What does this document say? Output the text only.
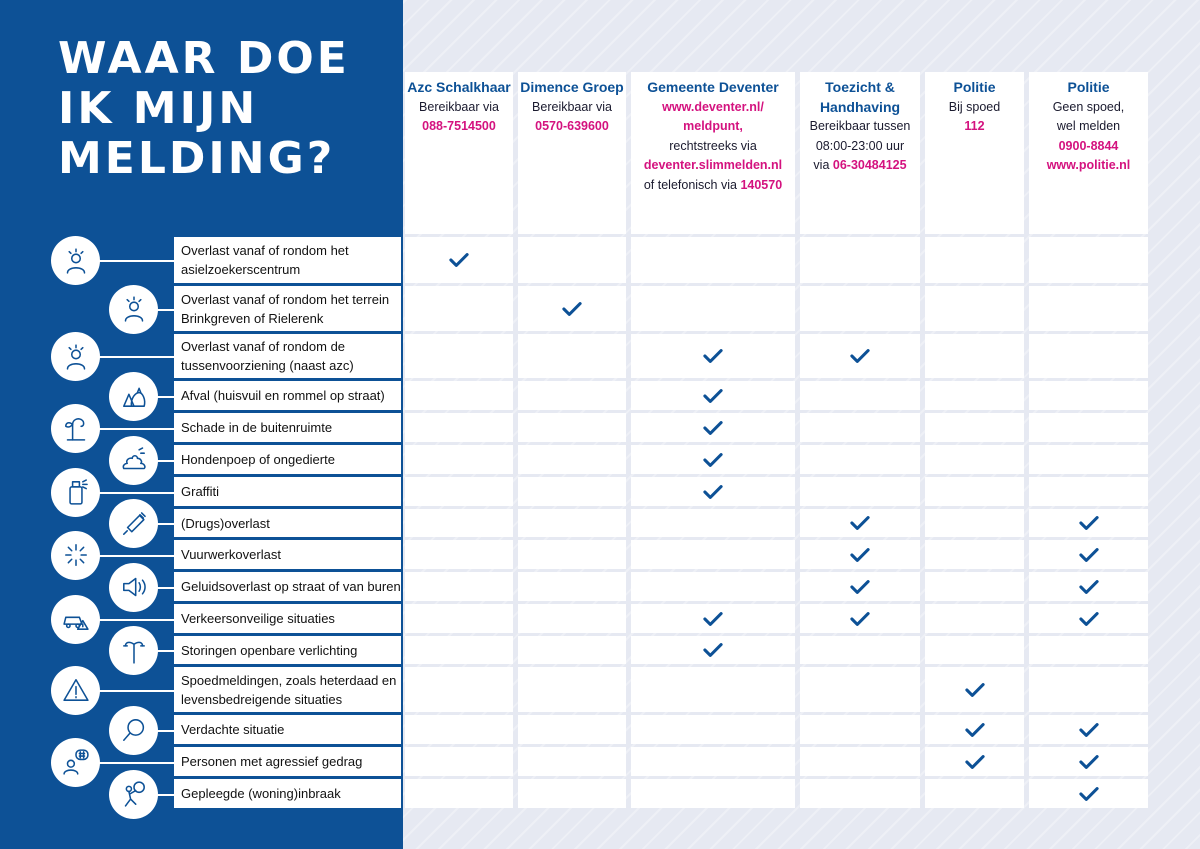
WAAR DOE
IK MIJN
MELDING?
Azc Schalkhaar
Bereikbaar via
088-7514500
Dimence Groep
Bereikbaar via
0570-639600
Gemeente Deventer
www.deventer.nl/
meldpunt,
rechtstreeks via
deventer.slimmelden.nl
of telefonisch via 140570
Toezicht & Handhaving
Bereikbaar tussen
08:00-23:00 uur
via 06-30484125
Politie
Bij spoed
112
Politie
Geen spoed,
wel melden
0900-8844
www.politie.nl
Overlast vanaf of rondom het asielzoekerscentrum
Overlast vanaf of rondom het terrein Brinkgreven of Rielerenk
Overlast vanaf of rondom de tussenvoorziening (naast azc)
Afval (huisvuil en rommel op straat)
Schade in de buitenruimte
Hondenpoep of ongedierte
Graffiti
(Drugs)overlast
Vuurwerkoverlast
Geluidsoverlast op straat of van buren
Verkeersonveilige situaties
Storingen openbare verlichting
Spoedmeldingen, zoals heterdaad en levensbedreigende situaties
Verdachte situatie
Personen met agressief gedrag
Gepleegde (woning)inbraak
